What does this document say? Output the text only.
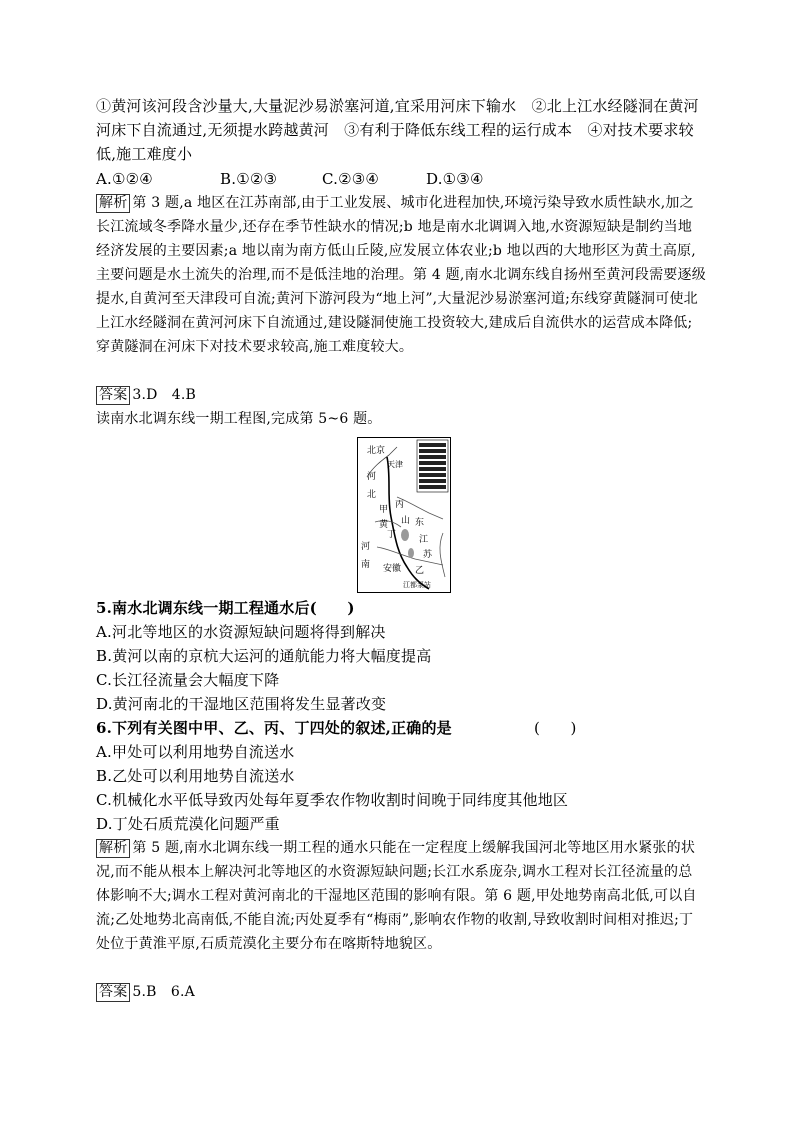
①黄河该河段含沙量大,大量泥沙易淤塞河道,宜采用河床下输水　②北上江水经隧洞在黄河河床下自流通过,无须提水跨越黄河　③有利于降低东线工程的运行成本　④对技术要求较低,施工难度小
A.①②④	B.①②③	C.②③④	D.①③④
解析 第 3 题,a 地区在江苏南部,由于工业发展、城市化进程加快,环境污染导致水质性缺水,加之长江流域冬季降水量少,还存在季节性缺水的情况;b 地是南水北调调入地,水资源短缺是制约当地经济发展的主要因素;a 地以南为南方低山丘陵,应发展立体农业;b 地以西的大地形区为黄土高原,主要问题是水土流失的治理,而不是低洼地的治理。第 4 题,南水北调东线自扬州至黄河段需要逐级提水,自黄河至天津段可自流;黄河下游河段为“地上河”,大量泥沙易淤塞河道;东线穿黄隧洞可使北上江水经隧洞在黄河河床下自流通过,建设隧洞使施工投资较大,建成后自流供水的运营成本降低;穿黄隧洞在河床下对技术要求较高,施工难度较大。
答案 3.D　4.B
读南水北调东线一期工程图,完成第 5~6 题。
北京
天津
河
北
甲 丙
黄 山 东
丁	江
苏
河
南 安徽 乙
江都泵站
5.南水北调东线一期工程通水后(　　)
A.河北等地区的水资源短缺问题将得到解决
B.黄河以南的京杭大运河的通航能力将大幅度提高
C.长江径流量会大幅度下降
D.黄河南北的干湿地区范围将发生显著改变
6.下列有关图中甲、乙、丙、丁四处的叙述,正确的是	(　　)
A.甲处可以利用地势自流送水
B.乙处可以利用地势自流送水
C.机械化水平低导致丙处每年夏季农作物收割时间晚于同纬度其他地区
D.丁处石质荒漠化问题严重
解析 第 5 题,南水北调东线一期工程的通水只能在一定程度上缓解我国河北等地区用水紧张的状况,而不能从根本上解决河北等地区的水资源短缺问题;长江水系庞杂,调水工程对长江径流量的总体影响不大;调水工程对黄河南北的干湿地区范围的影响有限。第 6 题,甲处地势南高北低,可以自流;乙处地势北高南低,不能自流;丙处夏季有“梅雨”,影响农作物的收割,导致收割时间相对推迟;丁处位于黄淮平原,石质荒漠化主要分布在喀斯特地貌区。
答案 5.B　6.A
